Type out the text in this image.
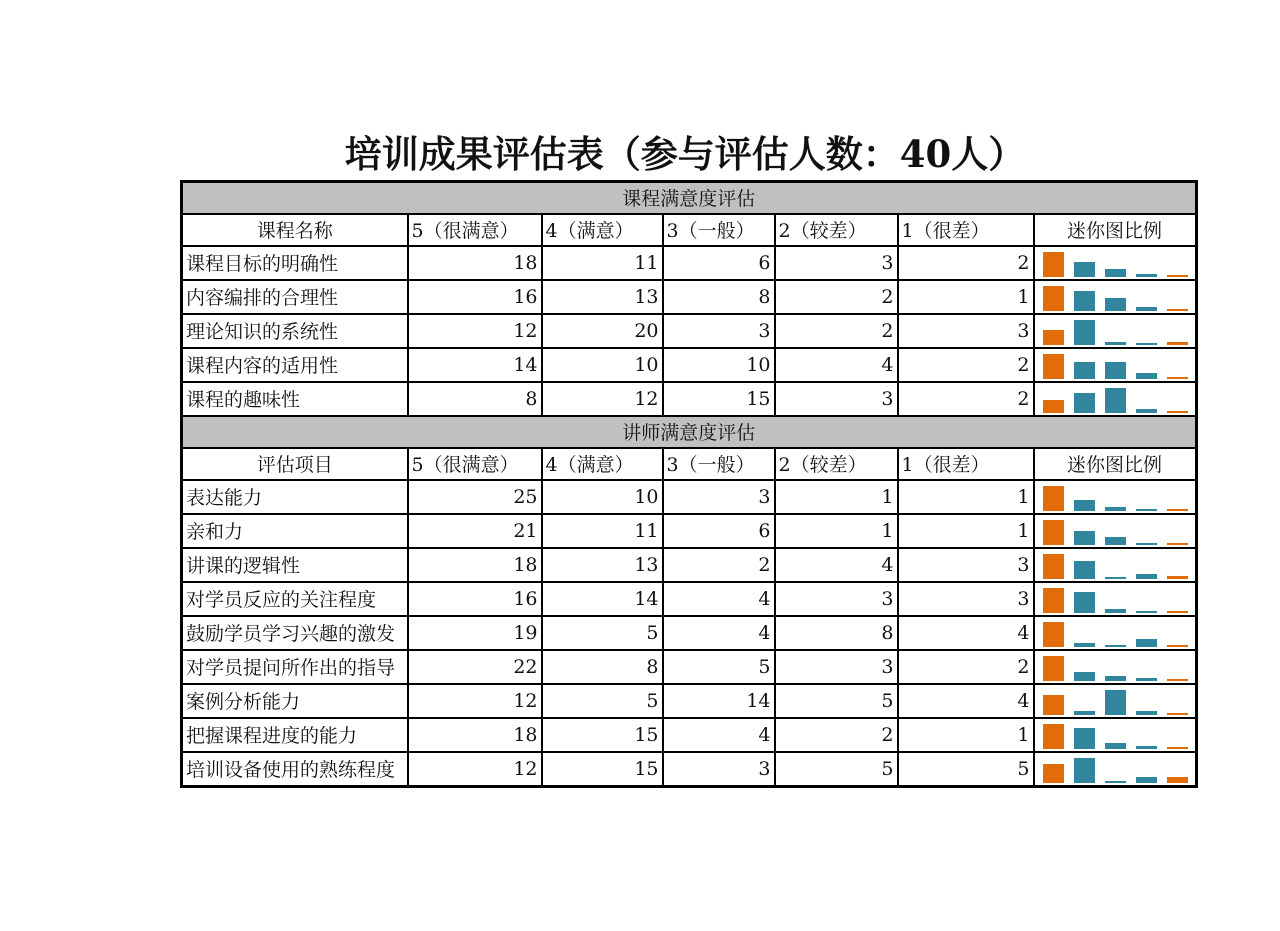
培训成果评估表（参与评估人数：40人）
课程满意度评估						
课程名称	5（很满意）	4（满意）	3（一般）	2（较差）	1（很差）	迷你图比例
课程目标的明确性	18	11	6	3	2	

内容编排的合理性	16	13	8	2	1	

理论知识的系统性	12	20	3	2	3	

课程内容的适用性	14	10	10	4	2	

课程的趣味性	8	12	15	3	2	

讲师满意度评估						
评估项目	5（很满意）	4（满意）	3（一般）	2（较差）	1（很差）	迷你图比例
表达能力	25	10	3	1	1	

亲和力	21	11	6	1	1	

讲课的逻辑性	18	13	2	4	3	

对学员反应的关注程度	16	14	4	3	3	

鼓励学员学习兴趣的激发	19	5	4	8	4	

对学员提问所作出的指导	22	8	5	3	2	

案例分析能力	12	5	14	5	4	

把握课程进度的能力	18	15	4	2	1	

培训设备使用的熟练程度	12	15	3	5	5	
